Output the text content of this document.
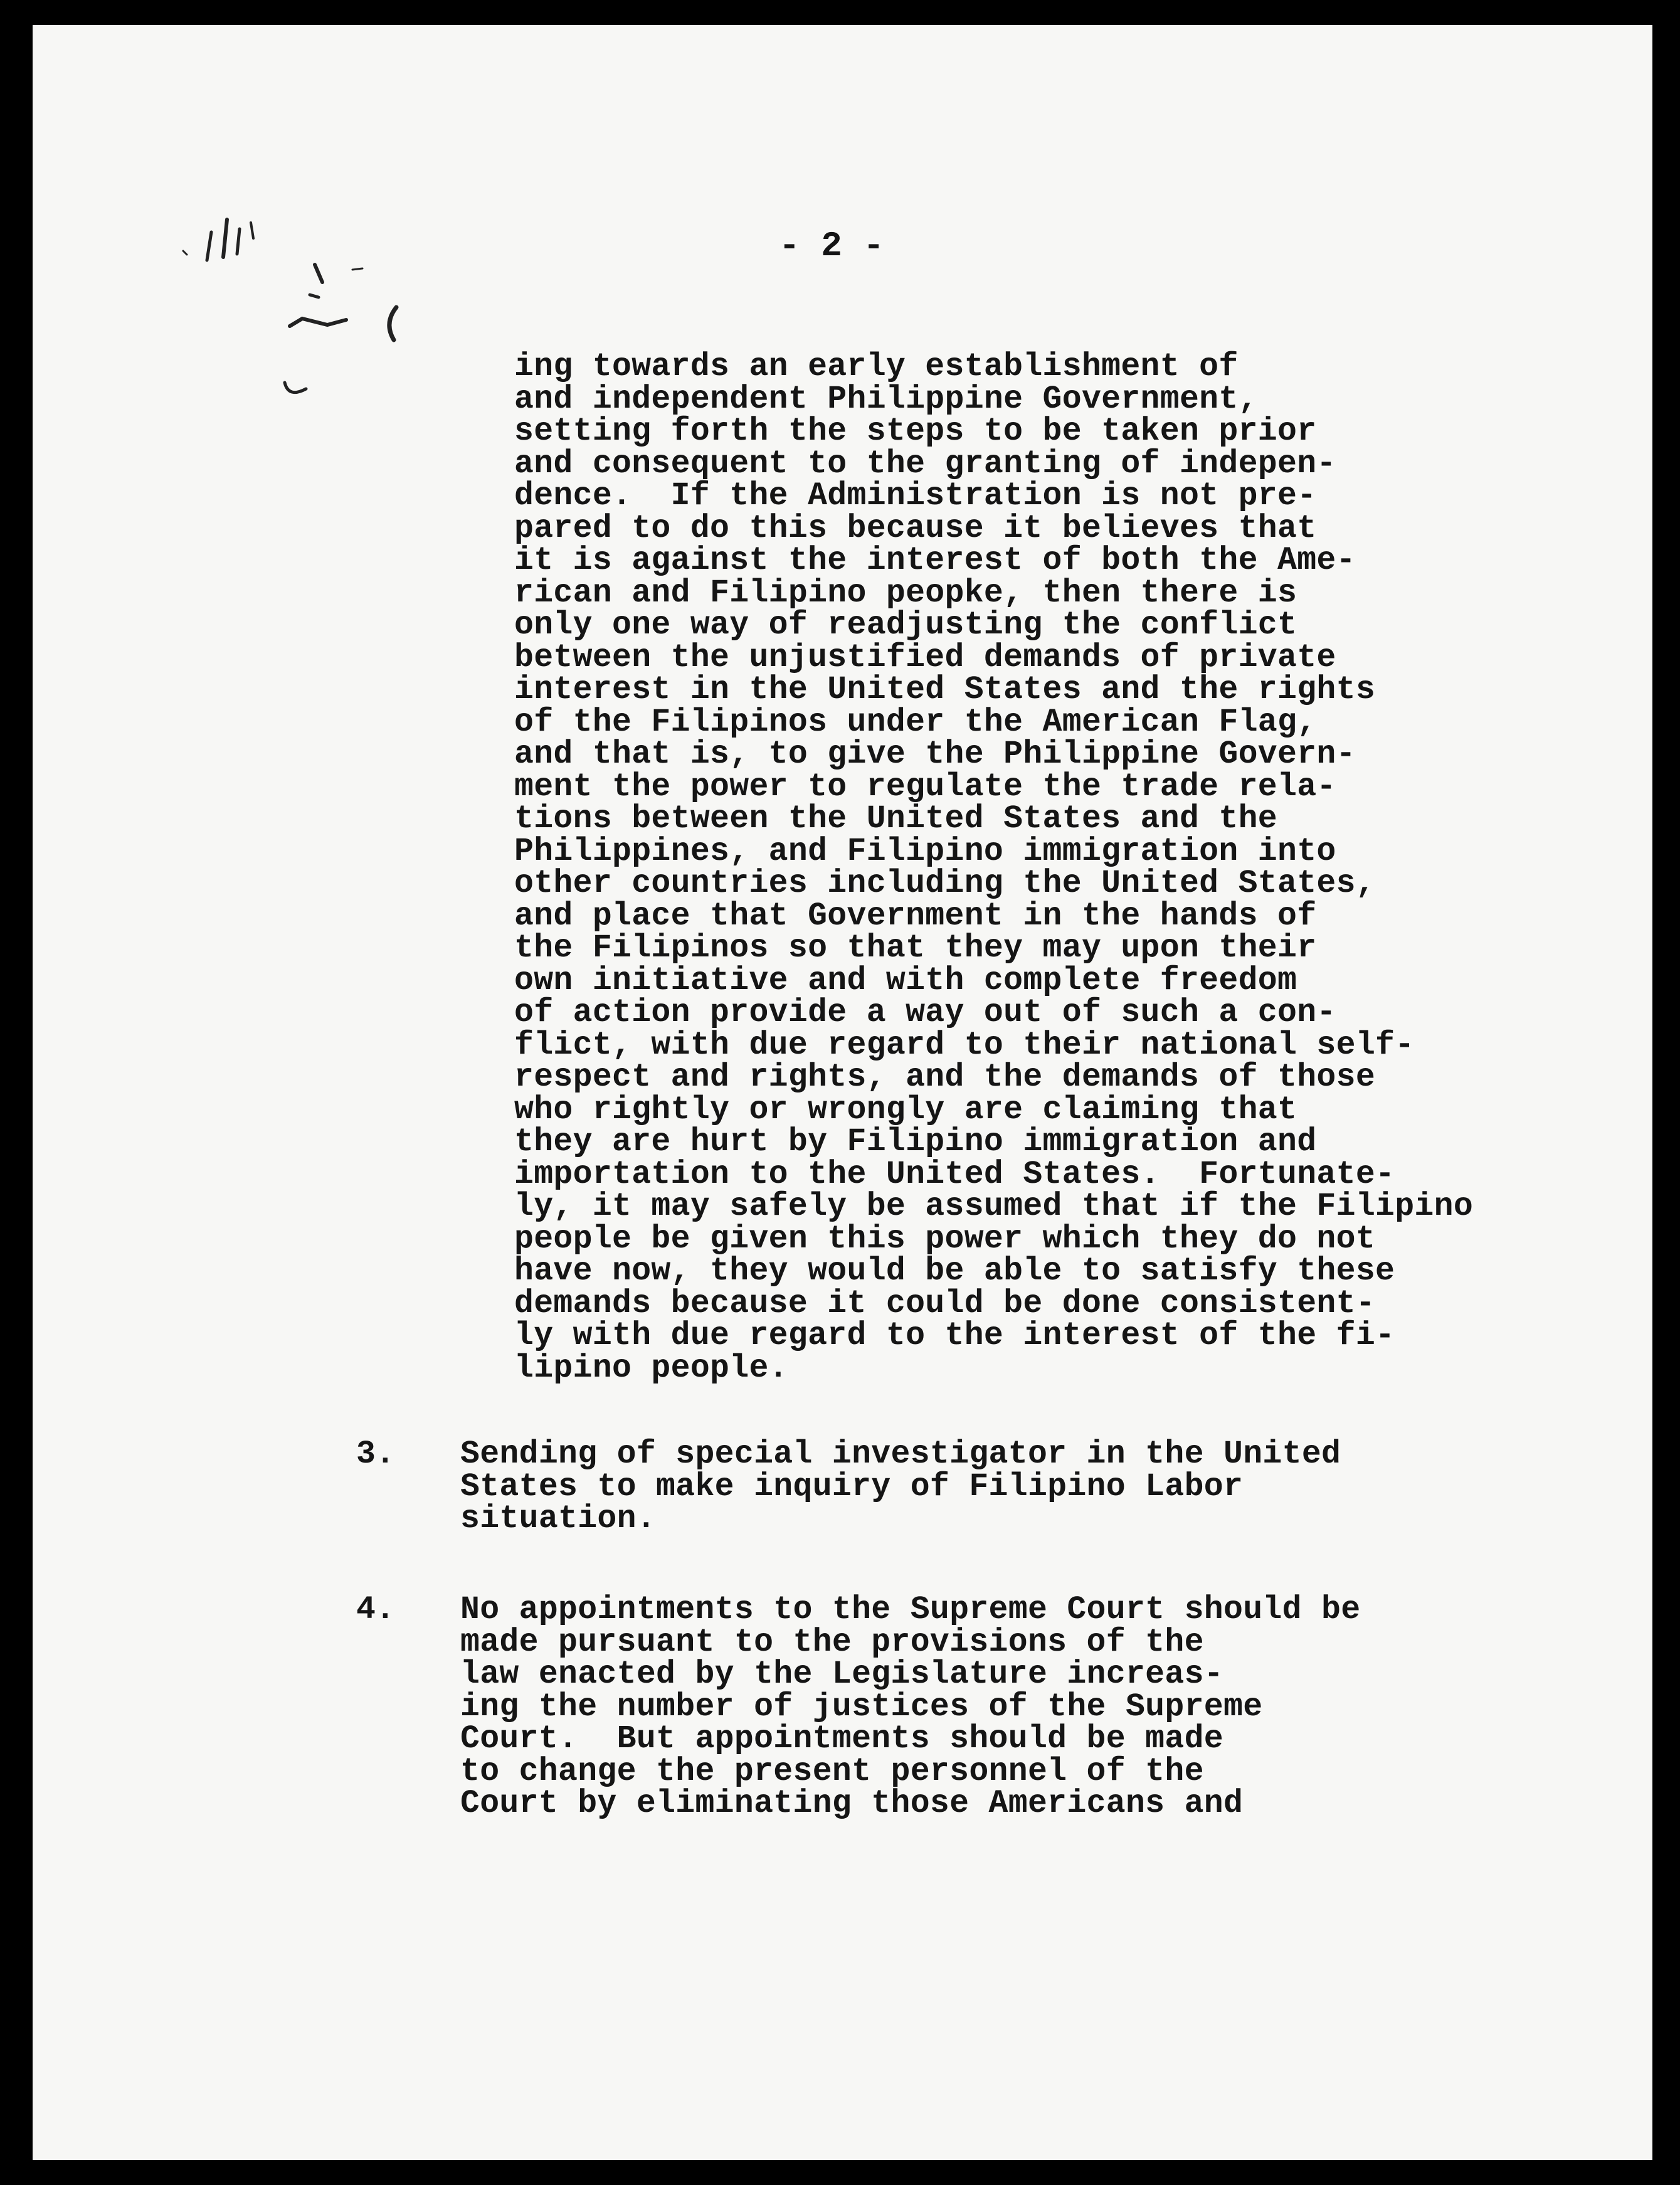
- 2 -

ing towards an early establishment of
and independent Philippine Government,
setting forth the steps to be taken prior
and consequent to the granting of indepen-
dence.  If the Administration is not pre-
pared to do this because it believes that
it is against the interest of both the Ame-
rican and Filipino peopke, then there is
only one way of readjusting the conflict
between the unjustified demands of private
interest in the United States and the rights
of the Filipinos under the American Flag,
and that is, to give the Philippine Govern-
ment the power to regulate the trade rela-
tions between the United States and the
Philippines, and Filipino immigration into
other countries including the United States,
and place that Government in the hands of
the Filipinos so that they may upon their
own initiative and with complete freedom
of action provide a way out of such a con-
flict, with due regard to their national self-
respect and rights, and the demands of those
who rightly or wrongly are claiming that
they are hurt by Filipino immigration and
importation to the United States.  Fortunate-
ly, it may safely be assumed that if the Filipino
people be given this power which they do not
have now, they would be able to satisfy these
demands because it could be done consistent-
ly with due regard to the interest of the fi-
lipino people.
3. Sending of special investigator in the United
States to make inquiry of Filipino Labor
situation.
4. No appointments to the Supreme Court should be
made pursuant to the provisions of the
law enacted by the Legislature increas-
ing the number of justices of the Supreme
Court.  But appointments should be made
to change the present personnel of the
Court by eliminating those Americans and
